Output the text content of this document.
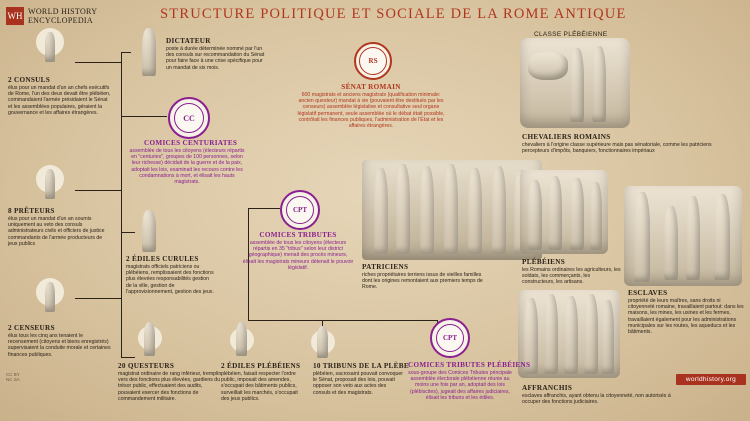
WH WORLD HISTORY
ENCYCLOPEDIA	STRUCTURE POLITIQUE ET SOCIALE DE LA ROME ANTIQUE
DICTATEUR
poste à durée déterminée nommé par l'un des consuls sur recommandation du Sénat pour faire face à une crise spécifique pour un mandat de six mois.
2 CONSULS
élus pour un mandat d'un an chefs exécutifs de Rome, l'un des deux devait être plébéien, commandaient l'armée présidaient le Sénat et les assemblées populaires, géraient la gouvernance et les affaires étrangères.
CC
COMICES CENTURIATES
assemblée de tous les citoyens (électeurs répartis en "centuries", groupes de 100 personnes, selon leur richesse) décidait de la guerre et de la paix, adoptait les lois, examinait les recours contre les condamnations à mort, et élisait les hauts magistrats.
RS
SÉNAT ROMAIN
600 magistrats et anciens magistrats (qualification minimale: ancien questeur) mandat à vie (pouvaient être destitués par les censeurs) assemblée législative et consultative seul organe législatif permanent, seule assemblée où le débat était possible, contrôlait les finances publiques, l'administration de l'État et les affaires étrangères.
CLASSE PLÉBÉIENNE
CHEVALIERS ROMAINS
chevaliers à l'origine classe supérieure mais pas sénatoriale, comme les patriciens percepteurs d'impôts, banquiers, fonctionnaires impériaux
8 PRÊTEURS
élus pour un mandat d'un an soumis uniquement au veto des consuls administrateurs civils et officiers de justice commandants de l'armée producteurs de jeux publics
CPT
COMICES TRIBUTES
assemblée de tous les citoyens (électeurs répartis en 35 "tribus" selon leur district géographique) menait des procès mineurs, élisait les magistrats mineurs détenait le pouvoir législatif.
2 ÉDILES CURULES
magistrats officiels patriciens ou plébéiens, remplissaient des fonctions plus élevées responsabilités gestion de la ville, gestion de l'approvisionnement, gestion des jeux.
PATRICIENS
riches propriétaires terriens issus de vieilles familles dont les origines remontaient aux premiers temps de Rome.
PLÉBÉIENS
les Romains ordinaires les agriculteurs, les soldats, les commerçants, les constructeurs, les artisans.
ESCLAVES
propriété de leurs maîtres, sans droits ni citoyenneté romaine, travaillaient partout: dans les maisons, les mines, les usines et les fermes, travaillaient également pour les administrations municipales sur les routes, les aqueducs et les bâtiments.
2 CENSEURS
élus tous les cinq ans tenaient le recensement (citoyens et biens enregistrés) supervisaient la conduite morale et certaines finances publiques.
20 QUESTEURS
magistrat ordinaire de rang inférieur, tremplin vers des fonctions plus élevées, gardiens du trésor public, effectuaient des audits, pouvaient exercer des fonctions de commandement militaire.
2 ÉDILES PLÉBÉIENS
plébéien, faisait respecter l'ordre public, imposait des amendes, s'occupait des bâtiments publics, surveillait les marchés, s'occupait des jeux publics.
10 TRIBUNS DE LA PLÈBE
plébéien, sacrosaint pouvait convoquer le Sénat, proposait des lois, pouvait opposer son veto aux actes des consuls et des magistrats.
CPT
COMICES TRIBUTES PLÉBÉIENS
sous-groupe des Comices Tributes principale assemblée électorale plébéienne réunie au moins une fois par an, adoptait des lois (plébiscites), jugeait des affaires judiciaires, élisait les tribuns et les édiles.
AFFRANCHIS
esclaves affranchis, ayant obtenu la citoyenneté, non autorisés à occuper des fonctions judiciaires.
worldhistory.org
CC BY NC SA
